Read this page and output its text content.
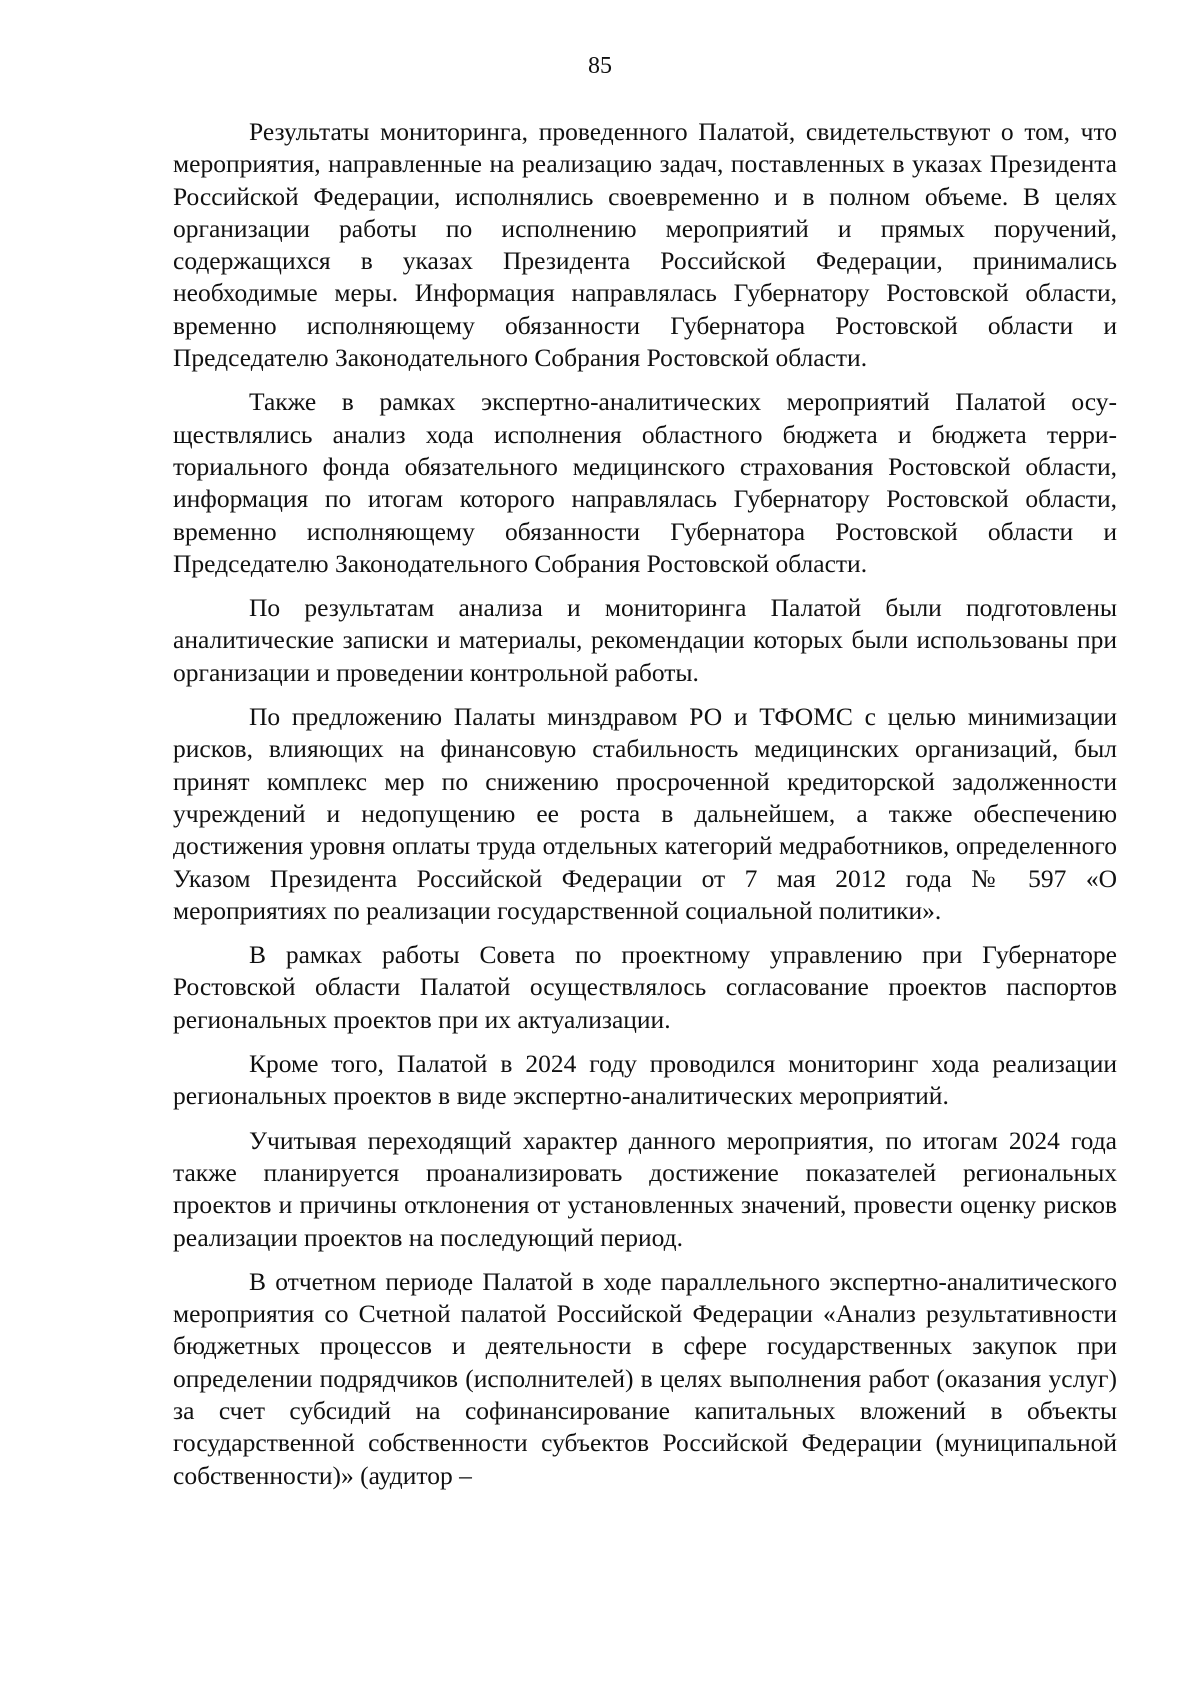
85

Результаты мониторинга, проведенного Палатой, свидетельствуют о том, что мероприятия, направленные на реализацию задач, поставленных в указах Президента Российской Федерации, исполнялись своевременно и в полном объеме. В целях организации работы по исполнению мероприятий и прямых поручений, содержащихся в указах Президента Российской Федерации, принимались необходимые меры. Информация направлялась Губернатору Ростовской области, временно исполняющему обязанности Губернатора Ростовской области и Председателю Законодательного Собрания Ростовской области.

Также в рамках экспертно-аналитических мероприятий Палатой осуществлялись анализ хода исполнения областного бюджета и бюджета территориального фонда обязательного медицинского страхования Ростовской области, информация по итогам которого направлялась Губернатору Ростовской области, временно исполняющему обязанности Губернатора Ростовской области и Председателю Законодательного Собрания Ростовской области.

По результатам анализа и мониторинга Палатой были подготовлены аналитические записки и материалы, рекомендации которых были использованы при организации и проведении контрольной работы.

По предложению Палаты минздравом РО и ТФОМС с целью минимизации рисков, влияющих на финансовую стабильность медицинских организаций, был принят комплекс мер по снижению просроченной кредиторской задолженности учреждений и недопущению ее роста в дальнейшем, а также обеспечению достижения уровня оплаты труда отдельных категорий медработников, определенного Указом Президента Российской Федерации от 7 мая 2012 года № 597 «О мероприятиях по реализации государственной социальной политики».

В рамках работы Совета по проектному управлению при Губернаторе Ростовской области Палатой осуществлялось согласование проектов паспортов региональных проектов при их актуализации.

Кроме того, Палатой в 2024 году проводился мониторинг хода реализации региональных проектов в виде экспертно-аналитических мероприятий.

Учитывая переходящий характер данного мероприятия, по итогам 2024 года также планируется проанализировать достижение показателей региональных проектов и причины отклонения от установленных значений, провести оценку рисков реализации проектов на последующий период.

В отчетном периоде Палатой в ходе параллельного экспертно-аналитического мероприятия со Счетной палатой Российской Федерации «Анализ результативности бюджетных процессов и деятельности в сфере государственных закупок при определении подрядчиков (исполнителей) в целях выполнения работ (оказания услуг) за счет субсидий на софинансирование капитальных вложений в объекты государственной собственности субъектов Российской Федерации (муниципальной собственности)» (аудитор –
